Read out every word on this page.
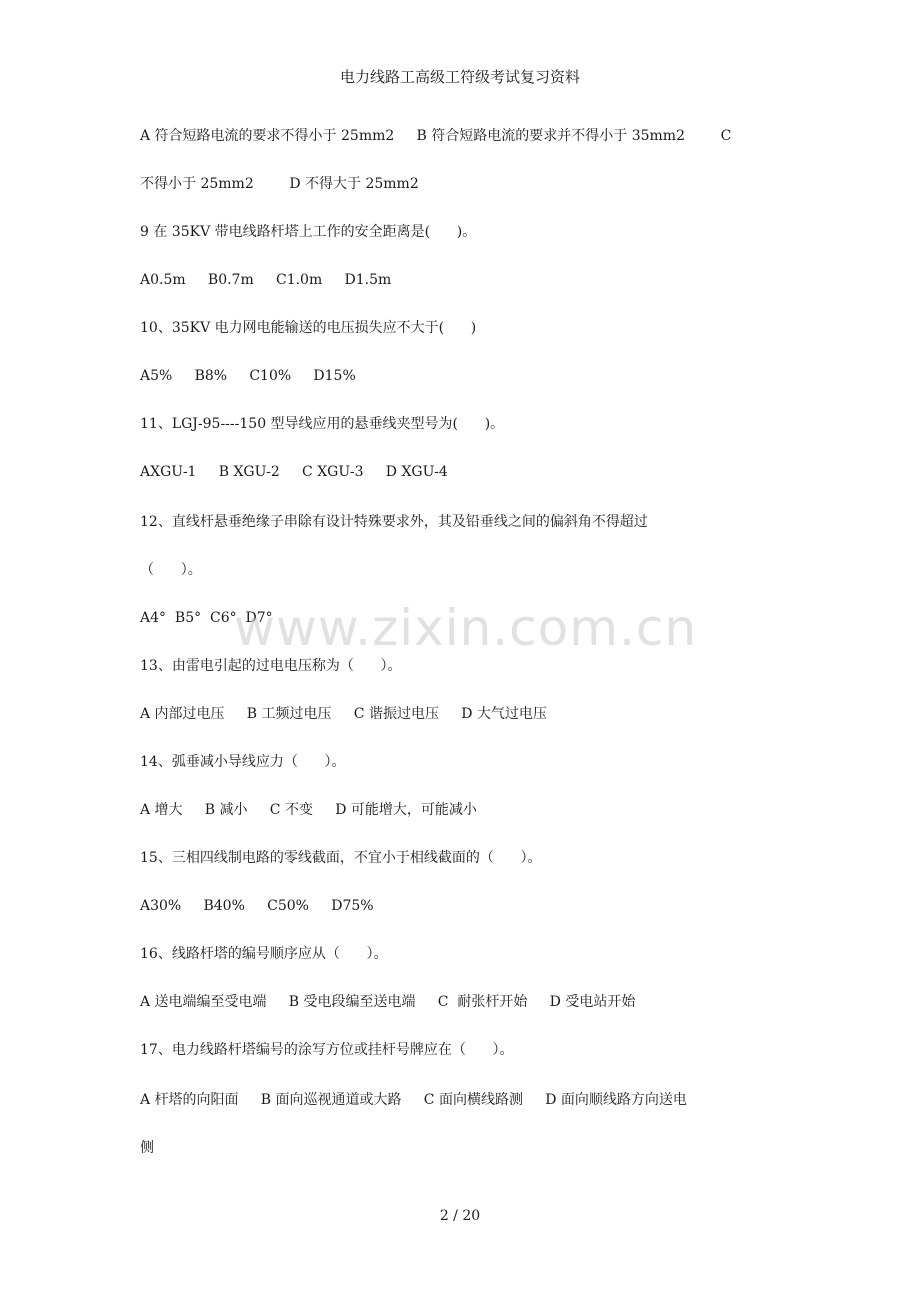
电力线路工高级工符级考试复习资料
A 符合短路电流的要求不得小于 25mm2     B 符合短路电流的要求并不得小于 35mm2        C
不得小于 25mm2        D 不得大于 25mm2
9 在 35KV 带电线路杆塔上工作的安全距离是(      )。
A0.5m     B0.7m     C1.0m     D1.5m
10、35KV 电力网电能输送的电压损失应不大于(      )
A5%     B8%     C10%     D15%
11、LGJ-95----150 型导线应用的悬垂线夹型号为(      )。
AXGU-1     B XGU-2     C XGU-3     D XGU-4
12、直线杆悬垂绝缘子串除有设计特殊要求外，其及铅垂线之间的偏斜角不得超过
（      ）。
A4°  B5°  C6°  D7°
13、由雷电引起的过电电压称为（      ）。
A 内部过电压     B 工频过电压     C 谐振过电压     D 大气过电压
14、弧垂减小导线应力（      ）。
A 增大     B 减小     C 不变     D 可能增大，可能减小
15、三相四线制电路的零线截面，不宜小于相线截面的（      ）。
A30%     B40%     C50%     D75%
16、线路杆塔的编号顺序应从（      ）。
A 送电端编至受电端     B 受电段编至送电端     C  耐张杆开始     D 受电站开始
17、电力线路杆塔编号的涂写方位或挂杆号牌应在（      ）。
A 杆塔的向阳面     B 面向巡视通道或大路     C 面向横线路测     D 面向顺线路方向送电
侧
www.zixin.com.cn
2 / 20
